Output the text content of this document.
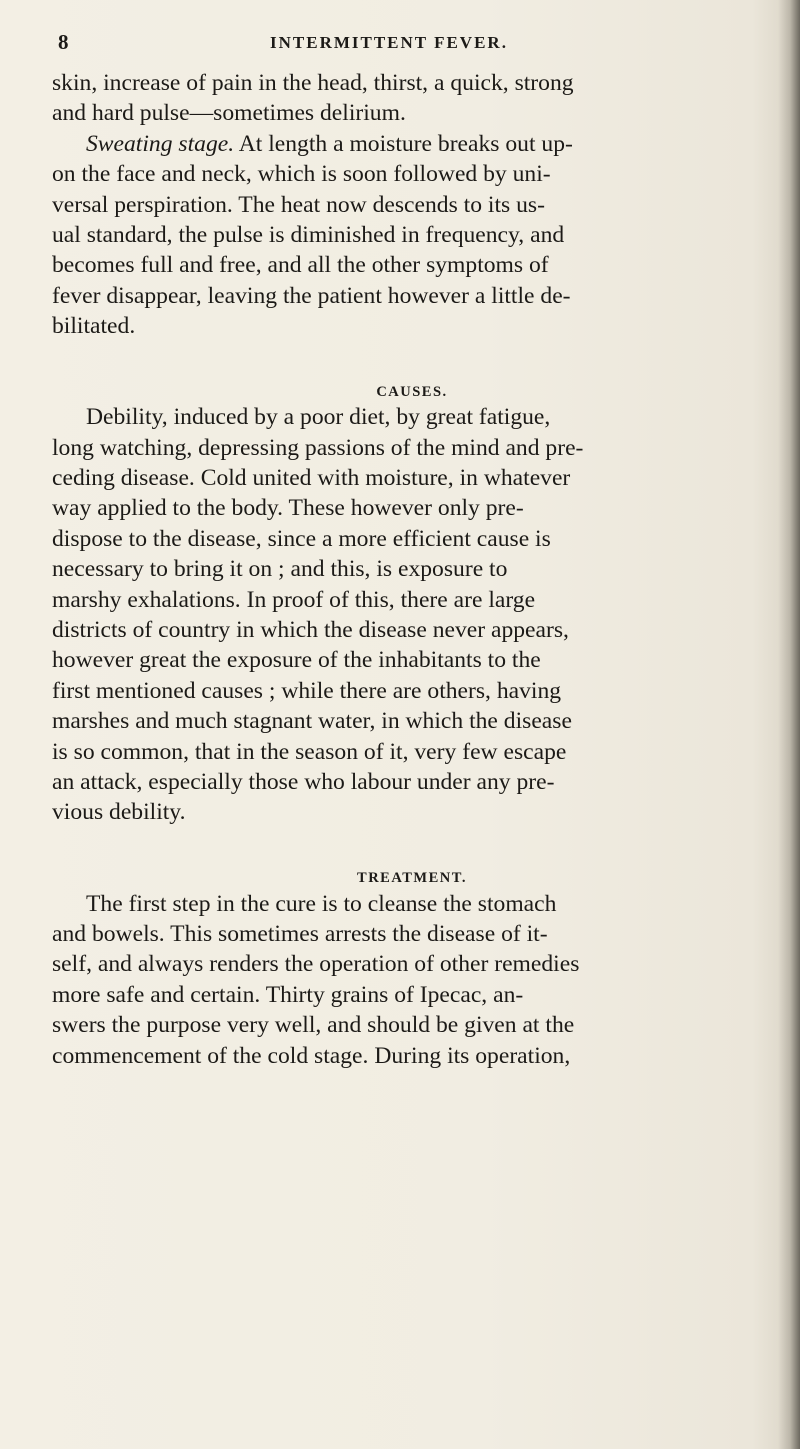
8	INTERMITTENT FEVER.
skin, increase of pain in the head, thirst, a quick, strong
and hard pulse—sometimes delirium.
Sweating stage. At length a moisture breaks out up-
on the face and neck, which is soon followed by uni-
versal perspiration. The heat now descends to its us-
ual standard, the pulse is diminished in frequency, and
becomes full and free, and all the other symptoms of
fever disappear, leaving the patient however a little de-
bilitated.
CAUSES.
Debility, induced by a poor diet, by great fatigue,
long watching, depressing passions of the mind and pre-
ceding disease. Cold united with moisture, in whatever
way applied to the body. These however only pre-
dispose to the disease, since a more efficient cause is
necessary to bring it on ; and this, is exposure to
marshy exhalations. In proof of this, there are large
districts of country in which the disease never appears,
however great the exposure of the inhabitants to the
first mentioned causes ; while there are others, having
marshes and much stagnant water, in which the disease
is so common, that in the season of it, very few escape
an attack, especially those who labour under any pre-
vious debility.
TREATMENT.
The first step in the cure is to cleanse the stomach
and bowels. This sometimes arrests the disease of it-
self, and always renders the operation of other remedies
more safe and certain. Thirty grains of Ipecac, an-
swers the purpose very well, and should be given at the
commencement of the cold stage. During its operation,
